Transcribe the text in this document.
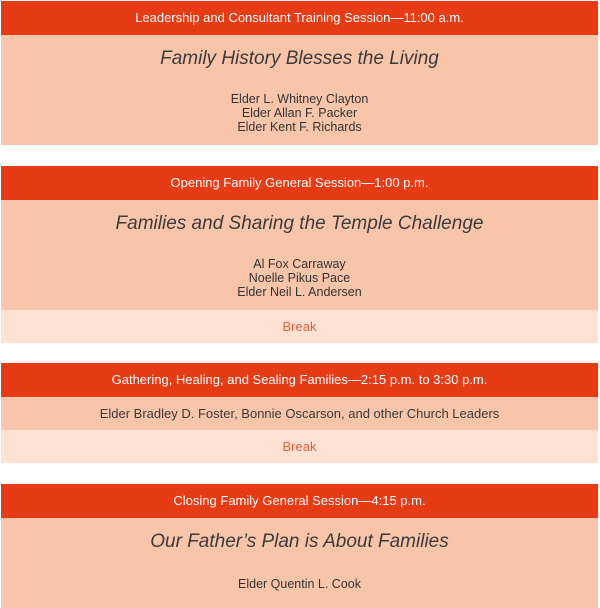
Leadership and Consultant Training Session—11:00 a.m.
Family History Blesses the Living
Elder L. Whitney Clayton
Elder Allan F. Packer
Elder Kent F. Richards
Opening Family General Session—1:00 p.m.
Families and Sharing the Temple Challenge
Al Fox Carraway
Noelle Pikus Pace
Elder Neil L. Andersen
Break
Gathering, Healing, and Sealing Families—2:15 p.m. to 3:30 p.m.
Elder Bradley D. Foster, Bonnie Oscarson, and other Church Leaders
Break
Closing Family General Session—4:15 p.m.
Our Father’s Plan is About Families
Elder Quentin L. Cook
